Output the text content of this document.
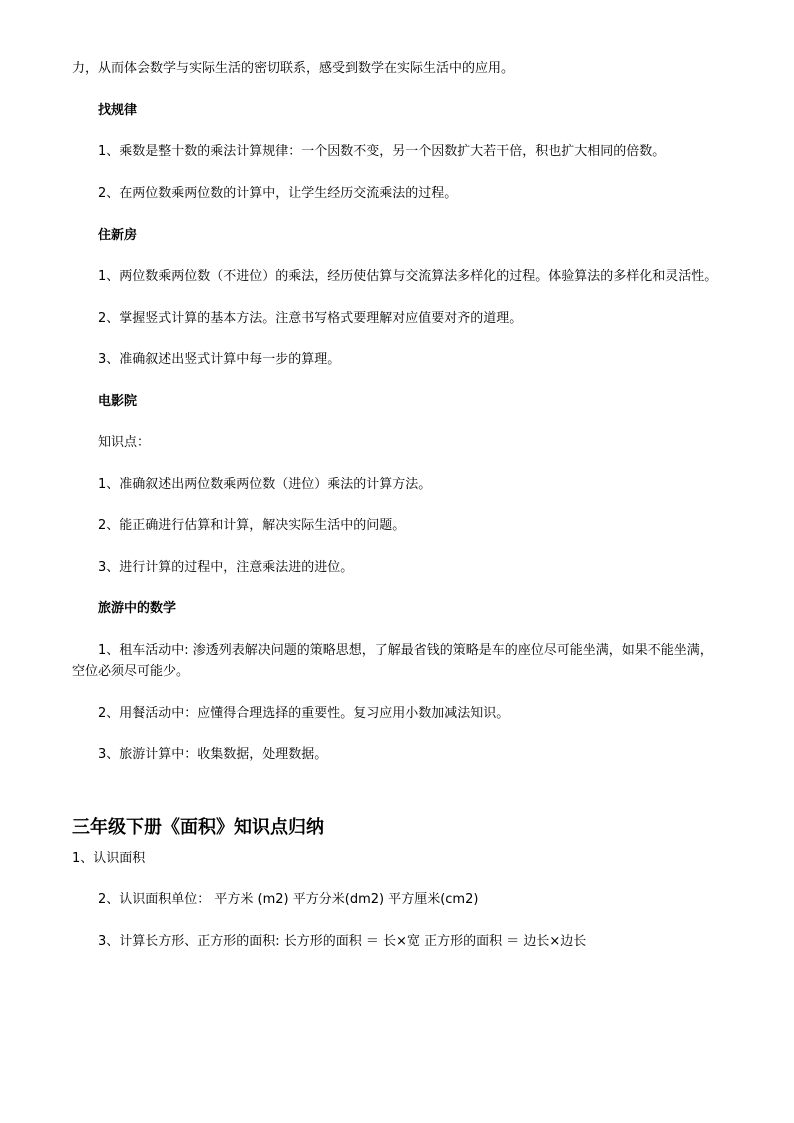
力，从而体会数学与实际生活的密切联系，感受到数学在实际生活中的应用。
找规律
1、乘数是整十数的乘法计算规律：一个因数不变，另一个因数扩大若干倍，积也扩大相同的倍数。
2、在两位数乘两位数的计算中，让学生经历交流乘法的过程。
住新房
1、两位数乘两位数（不进位）的乘法，经历使估算与交流算法多样化的过程。体验算法的多样化和灵活性。
2、掌握竖式计算的基本方法。注意书写格式要理解对应值要对齐的道理。
3、准确叙述出竖式计算中每一步的算理。
电影院
知识点：
1、准确叙述出两位数乘两位数（进位）乘法的计算方法。
2、能正确进行估算和计算，解决实际生活中的问题。
3、进行计算的过程中，注意乘法进的进位。
旅游中的数学
1、租车活动中: 渗透列表解决问题的策略思想，了解最省钱的策略是车的座位尽可能坐满，如果不能坐满，
空位必须尽可能少。
2、用餐活动中：应懂得合理选择的重要性。复习应用小数加减法知识。
3、旅游计算中：收集数据，处理数据。
三年级下册《面积》知识点归纳
1、认识面积
2、认识面积单位： 平方米 (m2) 平方分米(dm2) 平方厘米(cm2)
3、计算长方形、正方形的面积: 长方形的面积 ＝ 长×宽 正方形的面积 ＝ 边长×边长
